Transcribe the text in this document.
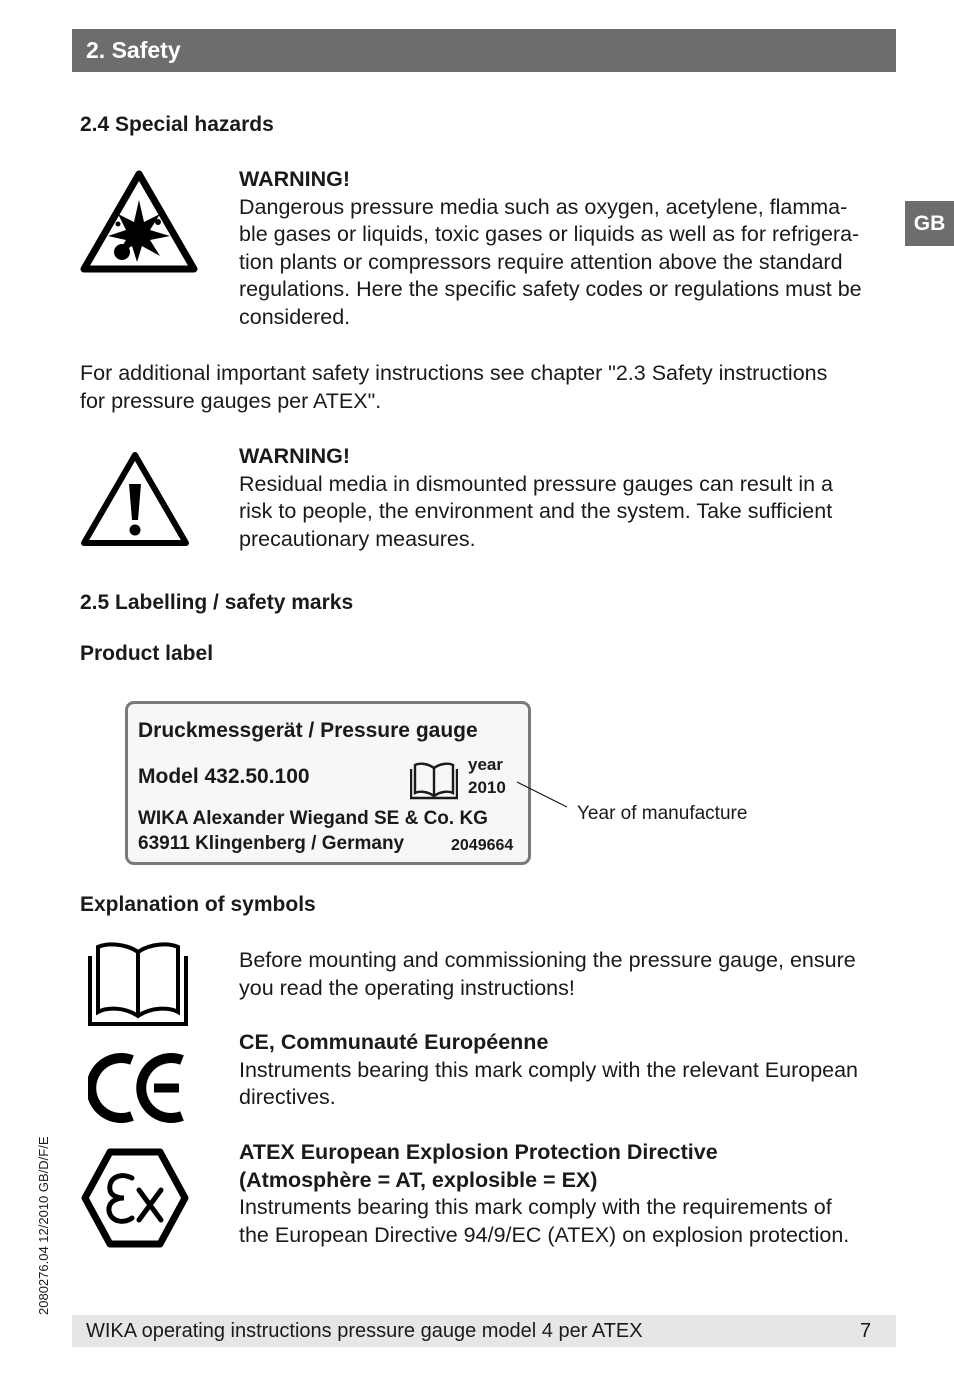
2. Safety
GB
2.4 Special hazards
WARNING!
Dangerous pressure media such as oxygen, acetylene, flamma-
ble gases or liquids, toxic gases or liquids as well as for refrigera-
tion plants or compressors require attention above the standard
regulations. Here the specific safety codes or regulations must be
considered.
For additional important safety instructions see chapter "2.3 Safety instructions
for pressure gauges per ATEX".
WARNING!
Residual media in dismounted pressure gauges can result in a
risk to people, the environment and the system. Take sufficient
precautionary measures.
2.5 Labelling / safety marks
Product label
Druckmessgerät / Pressure gauge
Model 432.50.100
year
2010
WIKA Alexander Wiegand SE & Co. KG
63911 Klingenberg / Germany	2049664
Year of manufacture
Explanation of symbols
Before mounting and commissioning the pressure gauge, ensure
you read the operating instructions!
CE, Communauté Européenne
Instruments bearing this mark comply with the relevant European
directives.
ATEX European Explosion Protection Directive
(Atmosphère = AT, explosible = EX)
Instruments bearing this mark comply with the requirements of
the European Directive 94/9/EC (ATEX) on explosion protection.
2080276.04 12/2010 GB/D/F/E
WIKA operating instructions pressure gauge model 4 per ATEX	7
